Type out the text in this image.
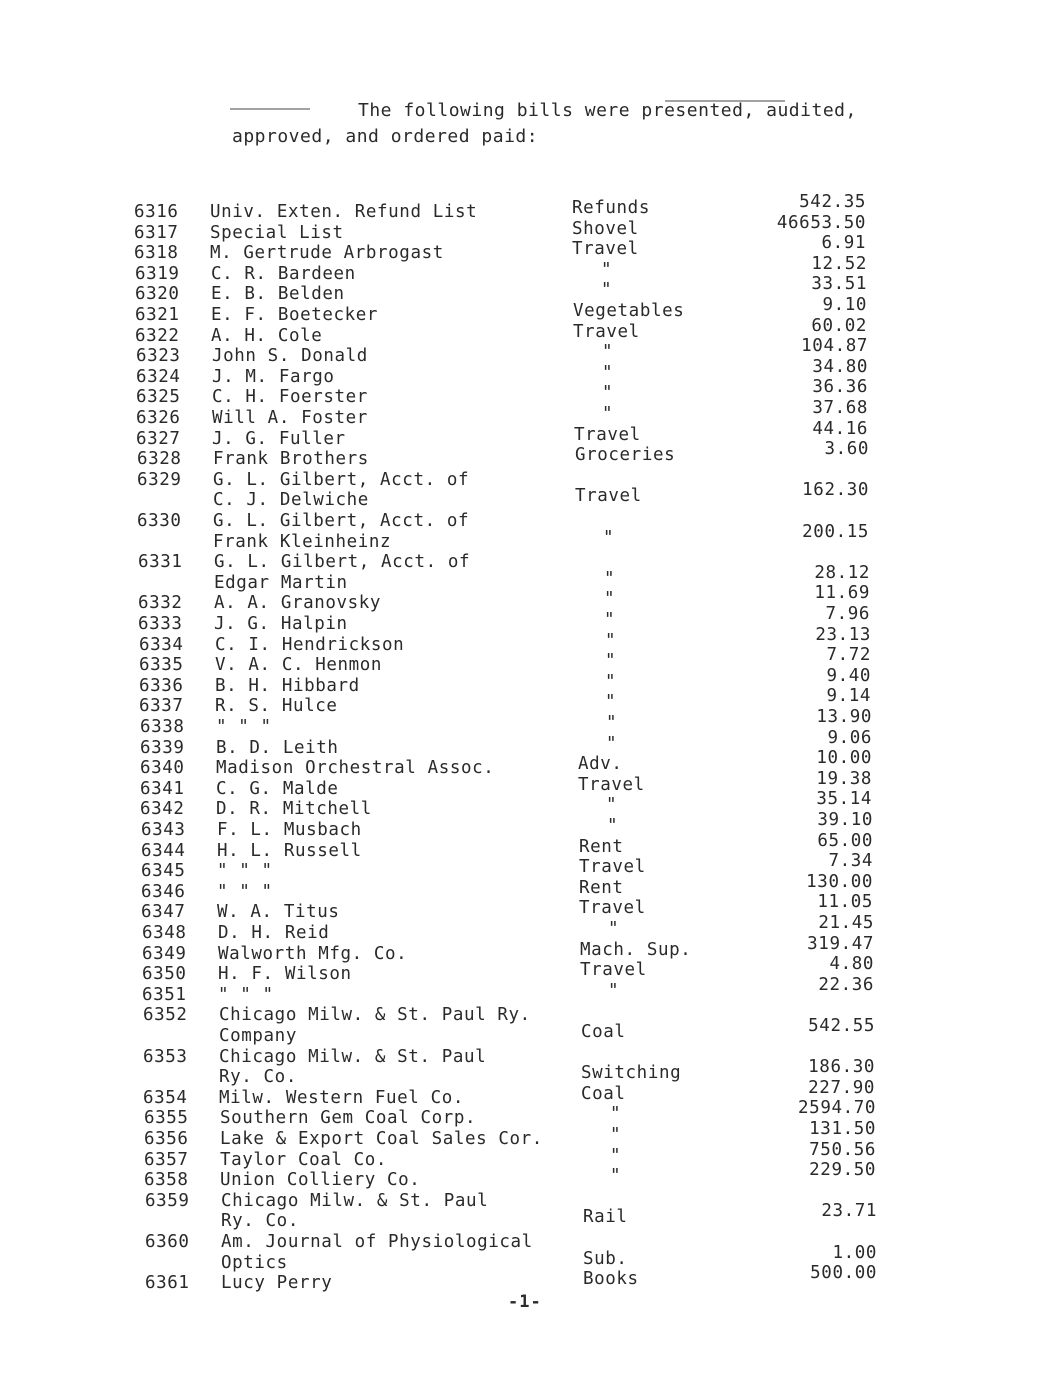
The following bills were presented, audited,
approved, and ordered paid:
6316	Univ. Exten. Refund List	Refunds	542.35
6317	Special List	Shovel	46653.50
6318	M. Gertrude Arbrogast	Travel	6.91
6319	C. R. Bardeen	"	12.52
6320	E. B. Belden	"	33.51
6321	E. F. Boetecker	Vegetables	9.10
6322	A. H. Cole	Travel	60.02
6323	John S. Donald	"	104.87
6324	J. M. Fargo	"	34.80
6325	C. H. Foerster	"	36.36
6326	Will A. Foster	"	37.68
6327	J. G. Fuller	Travel	44.16
6328	Frank Brothers	Groceries	3.60
6329	G. L. Gilbert, Acct. of
C. J. Delwiche	Travel	162.30
6330	G. L. Gilbert, Acct. of
Frank Kleinheinz	"	200.15
6331	G. L. Gilbert, Acct. of
Edgar Martin	"	28.12
6332	A. A. Granovsky	"	11.69
6333	J. G. Halpin	"	7.96
6334	C. I. Hendrickson	"	23.13
6335	V. A. C. Henmon	"	7.72
6336	B. H. Hibbard	"	9.40
6337	R. S. Hulce	"	9.14
6338	" " "	"	13.90
6339	B. D. Leith	"	9.06
6340	Madison Orchestral Assoc.	Adv.	10.00
6341	C. G. Malde	Travel	19.38
6342	D. R. Mitchell	"	35.14
6343	F. L. Musbach	"	39.10
6344	H. L. Russell	Rent	65.00
6345	" " "	Travel	7.34
6346	" " "	Rent	130.00
6347	W. A. Titus	Travel	11.05
6348	D. H. Reid	"	21.45
6349	Walworth Mfg. Co.	Mach. Sup.	319.47
6350	H. F. Wilson	Travel	4.80
6351	" " "	"	22.36
6352	Chicago Milw. & St. Paul Ry.
Company	Coal	542.55
6353	Chicago Milw. & St. Paul
Ry. Co.	Switching	186.30
6354	Milw. Western Fuel Co.	Coal	227.90
6355	Southern Gem Coal Corp.	"	2594.70
6356	Lake & Export Coal Sales Cor.	"	131.50
6357	Taylor Coal Co.	"	750.56
6358	Union Colliery Co.	"	229.50
6359	Chicago Milw. & St. Paul
Ry. Co.	Rail	23.71
6360	Am. Journal of Physiological
Optics	Sub.	1.00
6361	Lucy Perry	Books	500.00
-1-
